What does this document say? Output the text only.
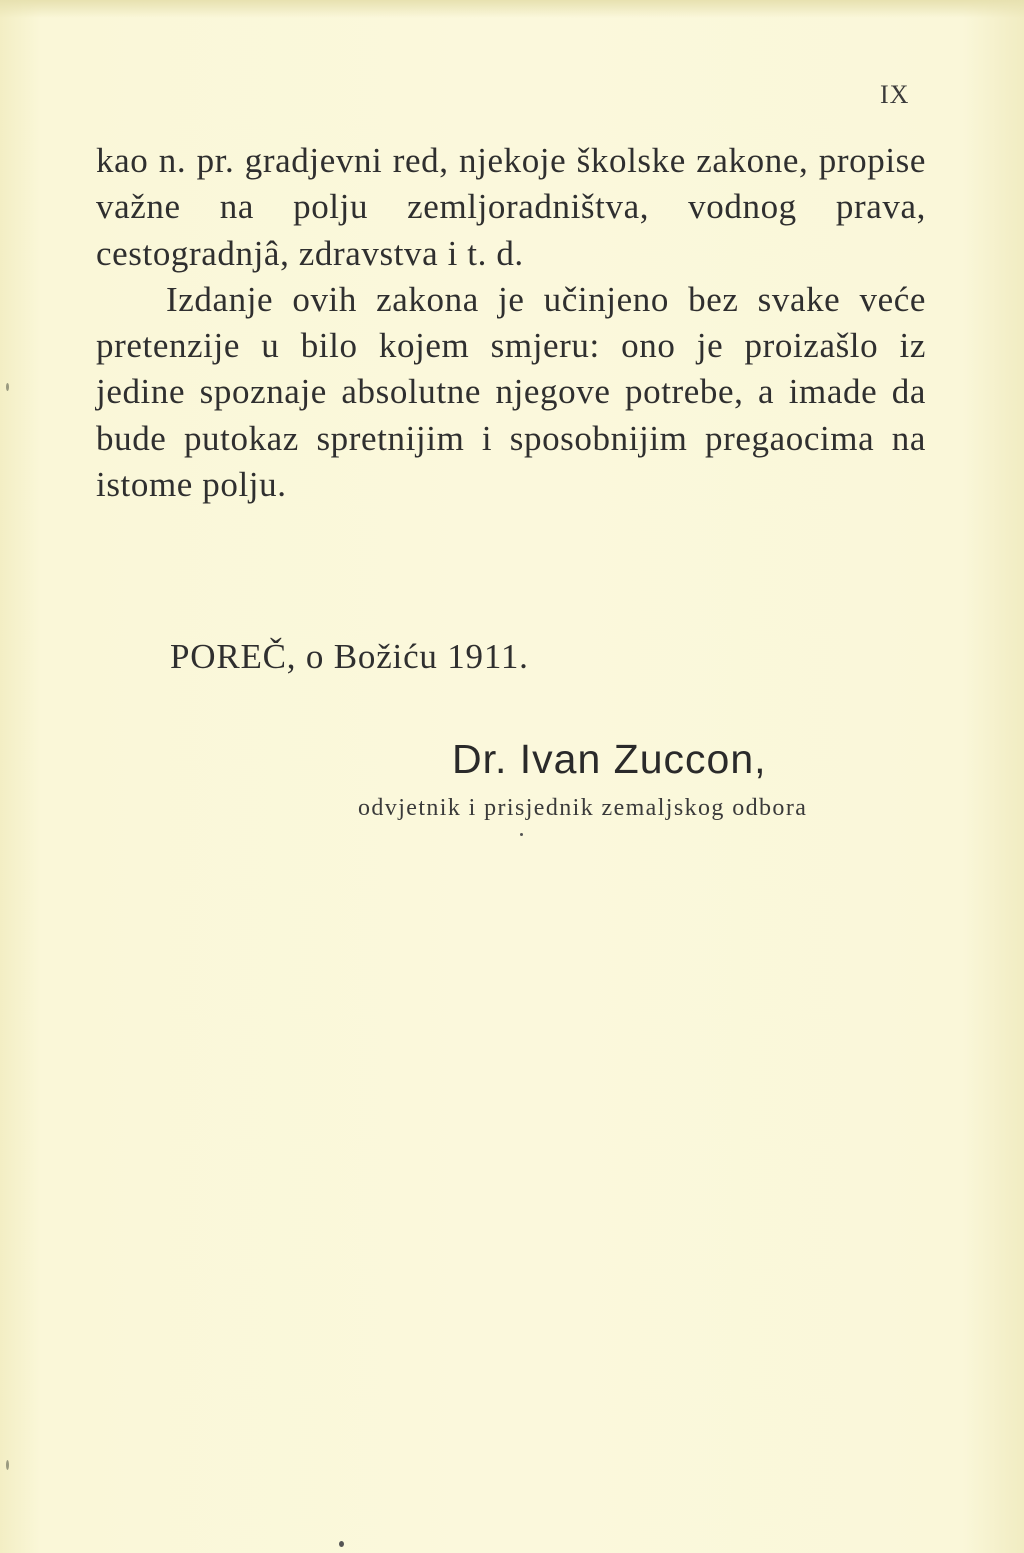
IX

kao n. pr. gradjevni red, njekoje školske zakone, propise važne na polju zemljoradništva, vodnog prava, cestogradnjâ, zdravstva i t. d.

Izdanje ovih zakona je učinjeno bez svake veće pretenzije u bilo kojem smjeru: ono je proizašlo iz jedine spoznaje absolutne njegove potrebe, a imade da bude putokaz spretnijim i sposobnijim pregaocima na istome polju.

POREČ, o Božiću 1911.
Dr. Ivan Zuccon,
odvjetnik i prisjednik zemaljskog odbora
